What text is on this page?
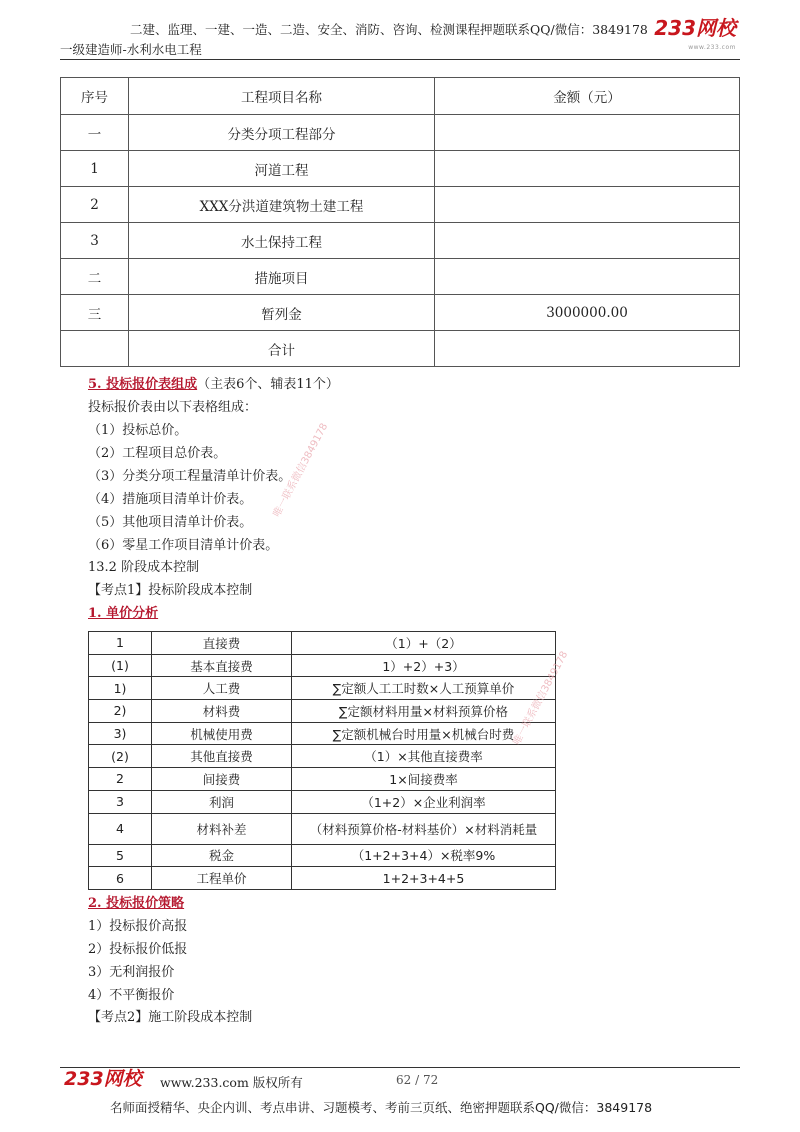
二建、监理、一建、一造、二造、安全、消防、咨询、检测课程押题联系QQ/微信：3849178
一级建造师-水利水电工程
233网校
www.233.com
序号	工程项目名称	金额（元）
一	分类分项工程部分	
1	河道工程	
2	XXX分洪道建筑物土建工程	
3	水土保持工程	
二	措施项目	
三	暂列金	3000000.00
	合计	
5. 投标报价表组成（主表6个、辅表11个）
投标报价表由以下表格组成：
（1）投标总价。
（2）工程项目总价表。
（3）分类分项工程量清单计价表。
（4）措施项目清单计价表。
（5）其他项目清单计价表。
（6）零星工作项目清单计价表。
13.2 阶段成本控制
【考点1】投标阶段成本控制
1. 单价分析
1	直接费	（1）+（2）
(1)	基本直接费	1）+2）+3）
1)	人工费	∑定额人工工时数×人工预算单价
2)	材料费	∑定额材料用量×材料预算价格
3)	机械使用费	∑定额机械台时用量×机械台时费
(2)	其他直接费	（1）×其他直接费率
2	间接费	1×间接费率
3	利润	（1+2）×企业利润率
4	材料补差	（材料预算价格-材料基价）×材料消耗量
5	税金	（1+2+3+4）×税率9%
6	工程单价	1+2+3+4+5
2. 投标报价策略
1）投标报价高报
2）投标报价低报
3）无利润报价
4）不平衡报价
【考点2】施工阶段成本控制
唯一联系微信3849178
唯一联系微信3849178
233网校 www.233.com 版权所有	62 / 72
名师面授精华、央企内训、考点串讲、习题模考、考前三页纸、绝密押题联系QQ/微信：3849178
